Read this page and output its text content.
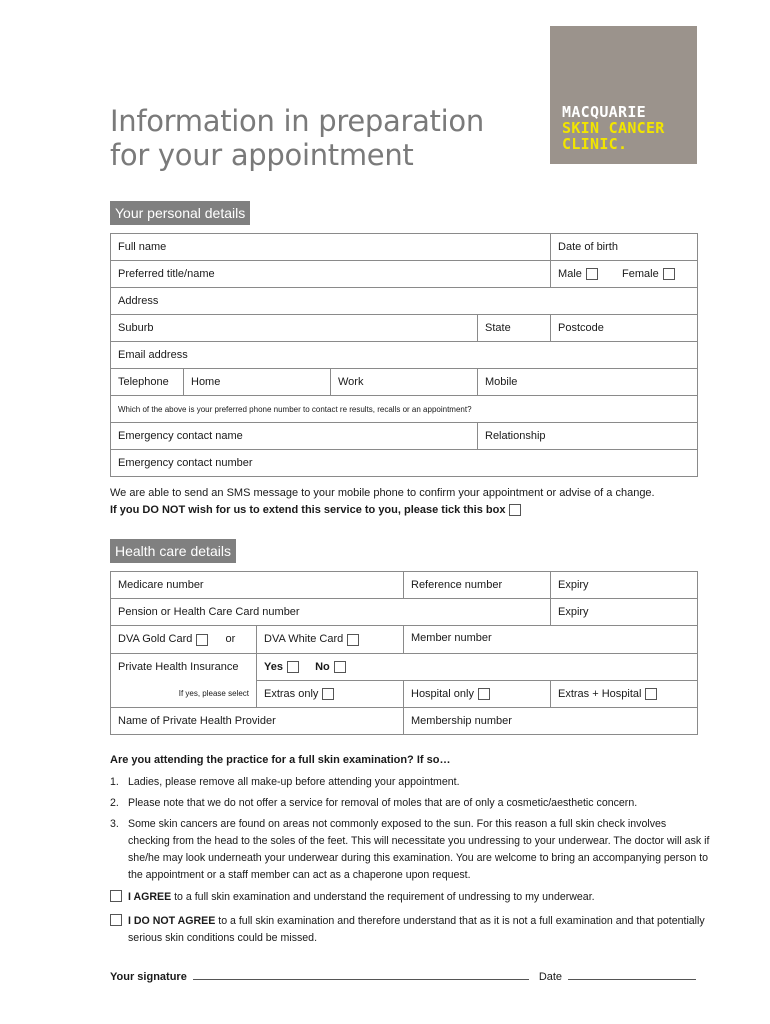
MACQUARIE
SKIN CANCER
CLINIC.
Information in preparation
for your appointment
Your personal details
Full name				Date of birth
Preferred title/name				Male Female
Address				
Suburb			State	Postcode
Email address				
Telephone	Home	Work	Mobile	
Which of the above is your preferred phone number to contact re results, recalls or an appointment?				
Emergency contact name			Relationship	
Emergency contact number				
We are able to send an SMS message to your mobile phone to confirm your appointment or advise of a change.
If you DO NOT wish for us to extend this service to you, please tick this box
Health care details
Medicare number		Reference number	Expiry
Pension or Health Care Card number			Expiry
DVA Gold Card or	DVA White Card	Member number	
Private Health Insurance	Yes No		
If yes, please select	Extras only	Hospital only	Extras + Hospital
Name of Private Health Provider		Membership number	
Are you attending the practice for a full skin examination? If so…
1. Ladies, please remove all make-up before attending your appointment.
2. Please note that we do not offer a service for removal of moles that are of only a cosmetic/aesthetic concern.
3. Some skin cancers are found on areas not commonly exposed to the sun. For this reason a full skin check involves checking from the head to the soles of the feet. This will necessitate you undressing to your underwear. The doctor will ask if she/he may look underneath your underwear during this examination. You are welcome to bring an accompanying person to the appointment or a staff member can act as a chaperone upon request.
I AGREE to a full skin examination and understand the requirement of undressing to my underwear.
I DO NOT AGREE to a full skin examination and therefore understand that as it is not a full examination and that potentially serious skin conditions could be missed.
Your signature	Date
